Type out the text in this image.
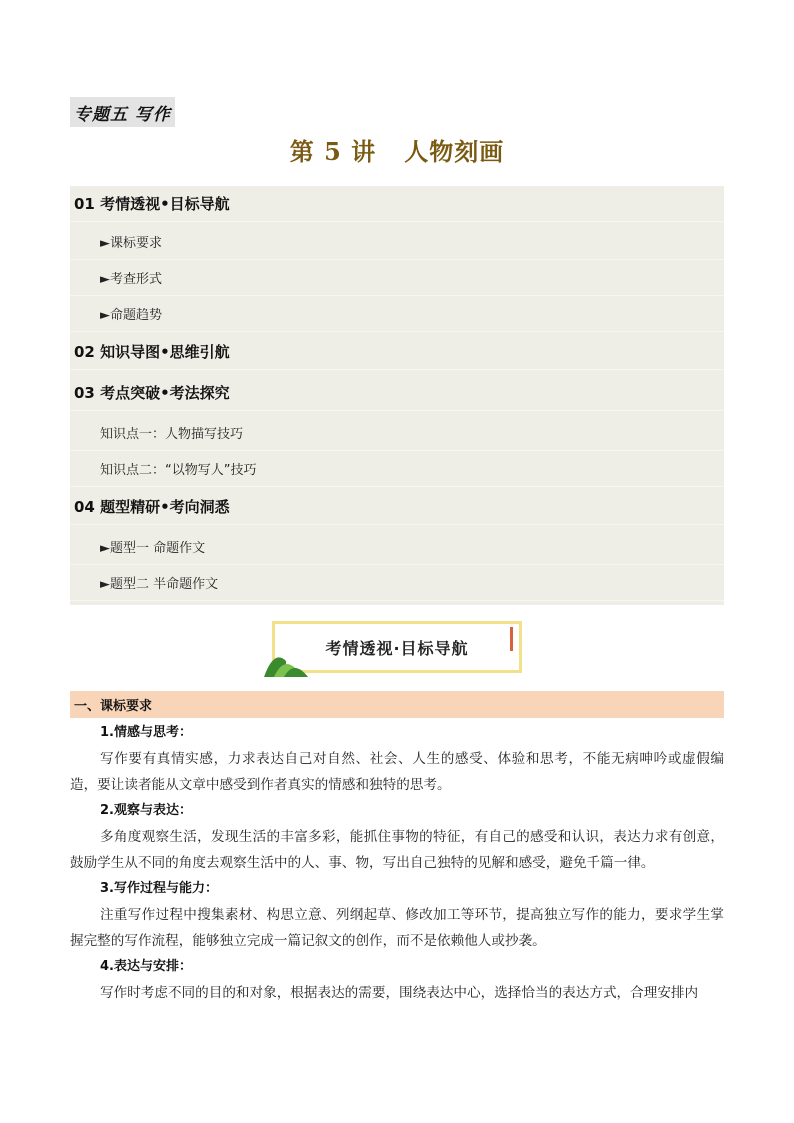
专题五 写作
第 5 讲   人物刻画
01 考情透视•目标导航
►课标要求
►考查形式
►命题趋势
02 知识导图•思维引航
03 考点突破•考法探究
知识点一：人物描写技巧
知识点二：“以物写人”技巧
04 题型精研•考向洞悉
►题型一 命题作文
►题型二 半命题作文
考情透视·目标导航
一、课标要求
1.情感与思考：

写作要有真情实感，力求表达自己对自然、社会、人生的感受、体验和思考，不能无病呻吟或虚假编造，要让读者能从文章中感受到作者真实的情感和独特的思考。

2.观察与表达：

多角度观察生活，发现生活的丰富多彩，能抓住事物的特征，有自己的感受和认识，表达力求有创意，鼓励学生从不同的角度去观察生活中的人、事、物，写出自己独特的见解和感受，避免千篇一律。

3.写作过程与能力：

注重写作过程中搜集素材、构思立意、列纲起草、修改加工等环节，提高独立写作的能力，要求学生掌握完整的写作流程，能够独立完成一篇记叙文的创作，而不是依赖他人或抄袭。

4.表达与安排：

写作时考虑不同的目的和对象，根据表达的需要，围绕表达中心，选择恰当的表达方式，合理安排内
